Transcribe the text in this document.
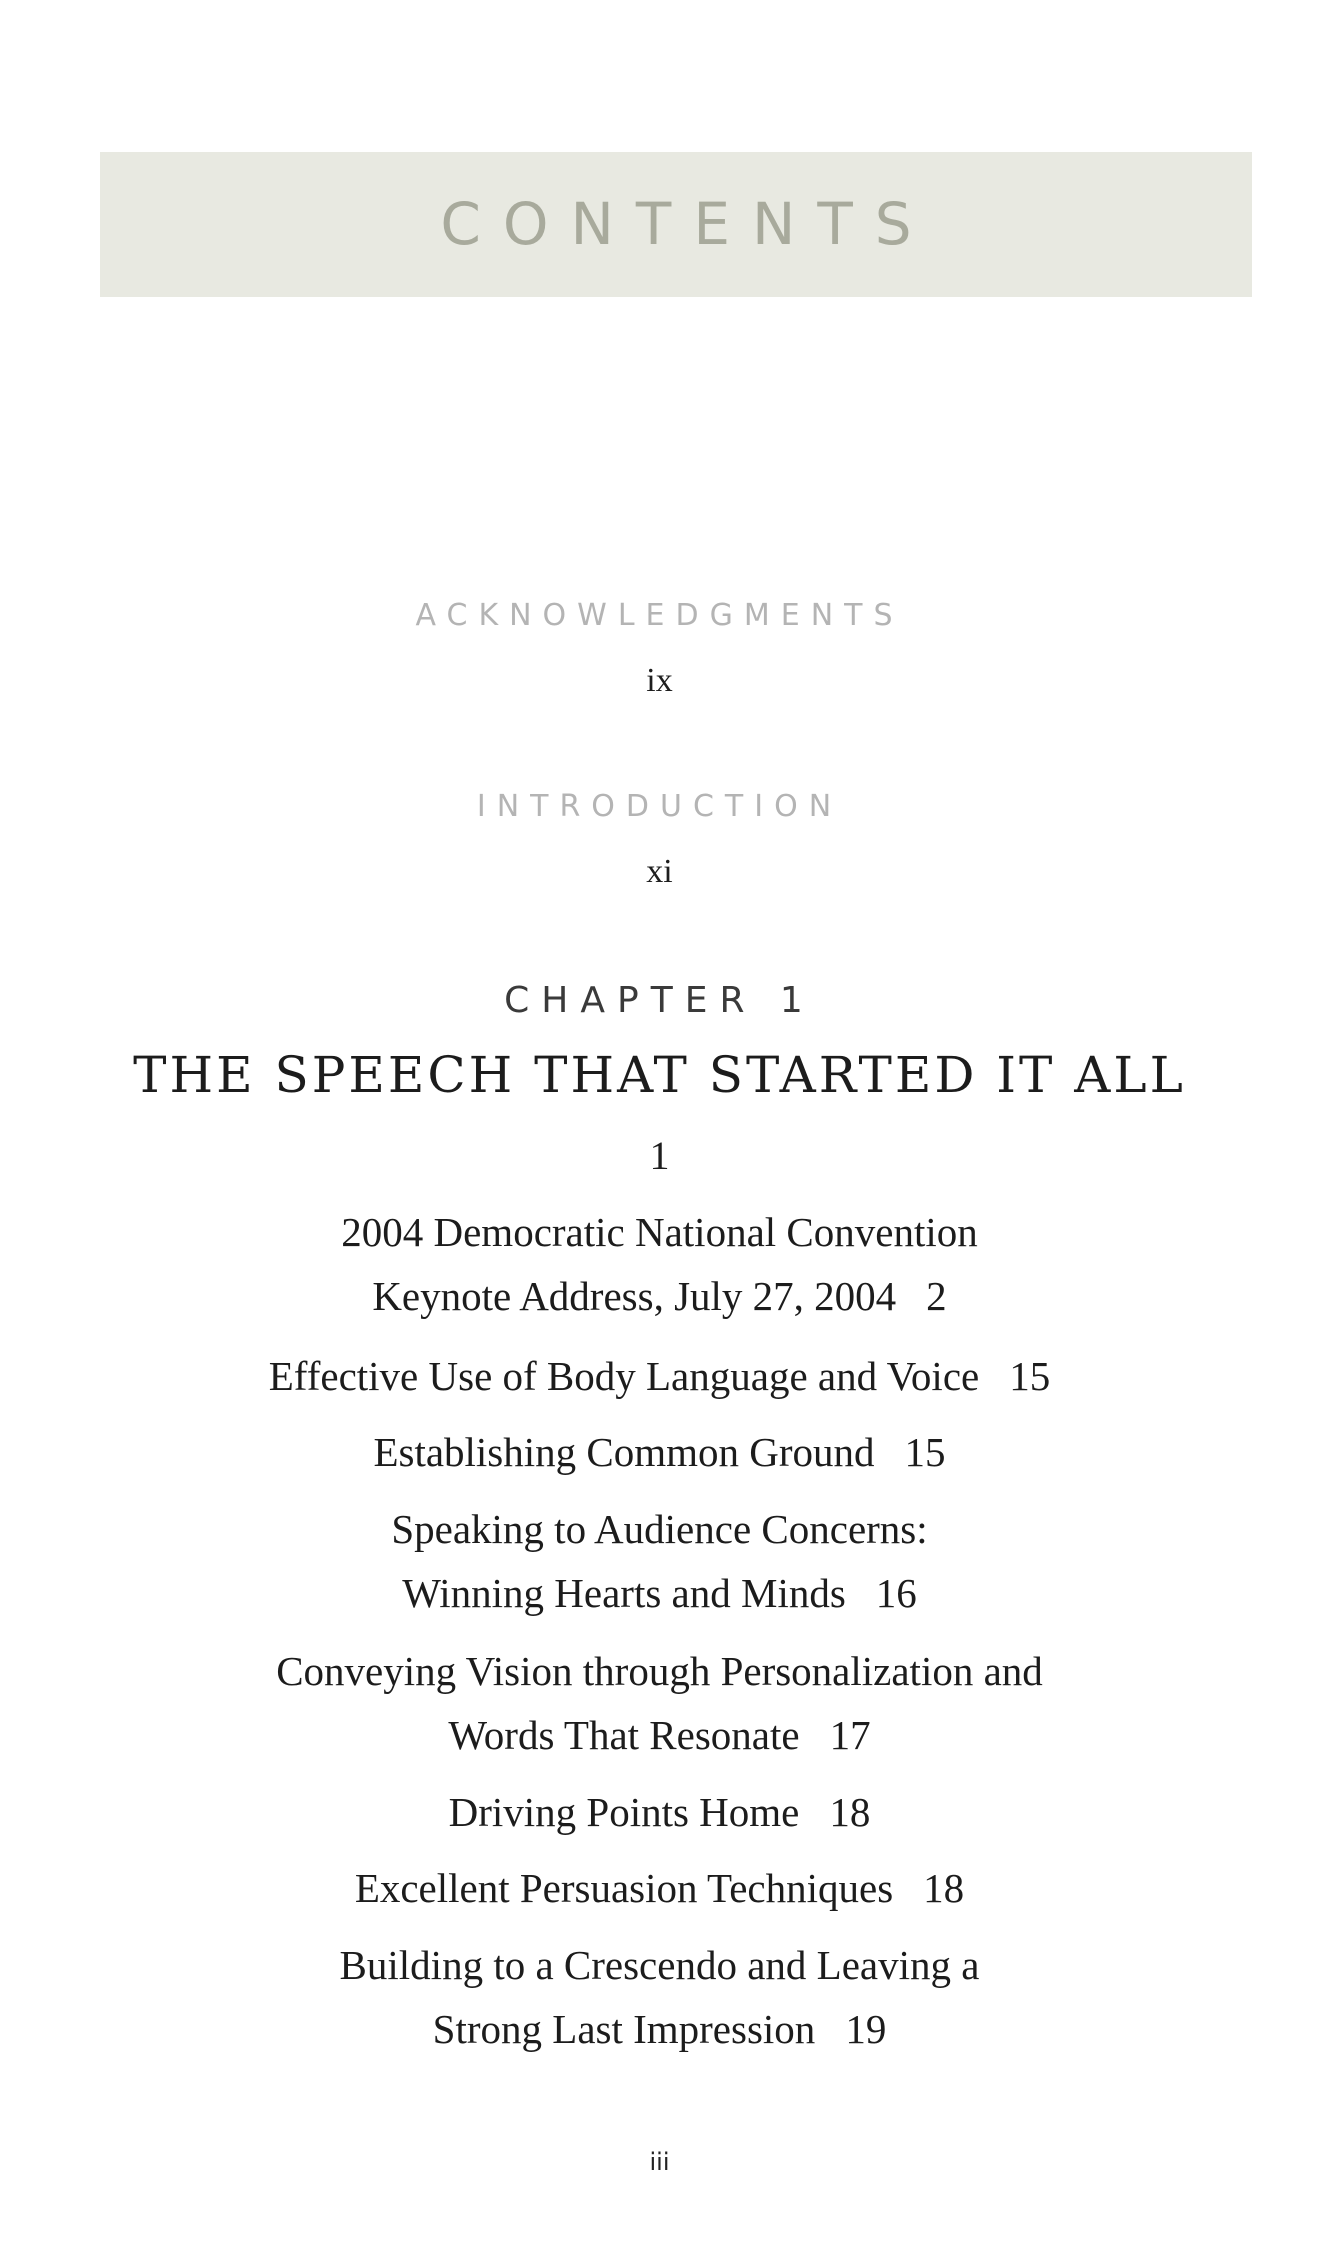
CONTENTS
ACKNOWLEDGMENTS
ix
INTRODUCTION
xi
CHAPTER 1
THE SPEECH THAT STARTED IT ALL
1
2004 Democratic National Convention
Keynote Address, July 27, 2004 2
Effective Use of Body Language and Voice 15
Establishing Common Ground 15
Speaking to Audience Concerns:
Winning Hearts and Minds 16
Conveying Vision through Personalization and
Words That Resonate 17
Driving Points Home 18
Excellent Persuasion Techniques 18
Building to a Crescendo and Leaving a
Strong Last Impression 19
iii
